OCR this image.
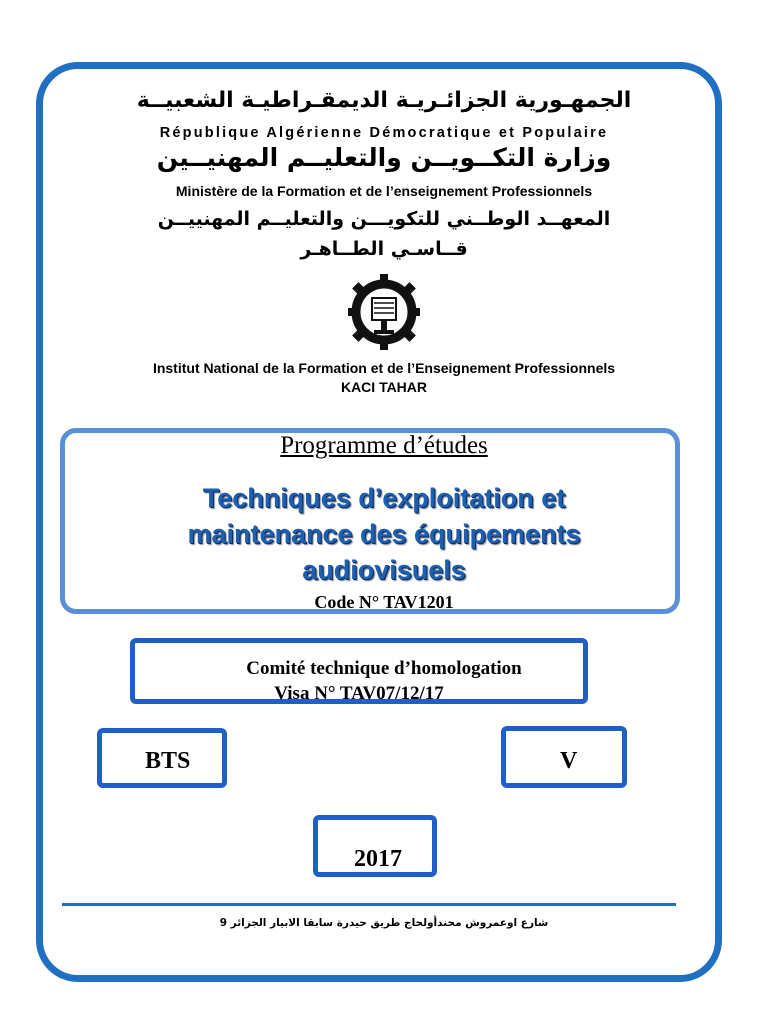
الجمهـورية الجزائـريـة الديمقـراطيـة الشعبيــة
République Algérienne Démocratique et Populaire
وزارة التكــويــن والتعليــم المهنيــين
Ministère de la Formation et de l’enseignement Professionnels
المعهــد الوطــني للتكويـــن والتعليــم المهنييــن
قــاسـي الطــاهـر
Institut National de la Formation et de l’Enseignement Professionnels
KACI TAHAR
Programme d’études
Techniques d’exploitation et
maintenance des équipements
audiovisuels
Code N° TAV1201
Comité technique d’homologation
Visa N° TAV07/12/17
BTS	V
2017
شارع اوعمروش محندأولحاج طريق حيدرة سابقا الابيار الجزائر 9
